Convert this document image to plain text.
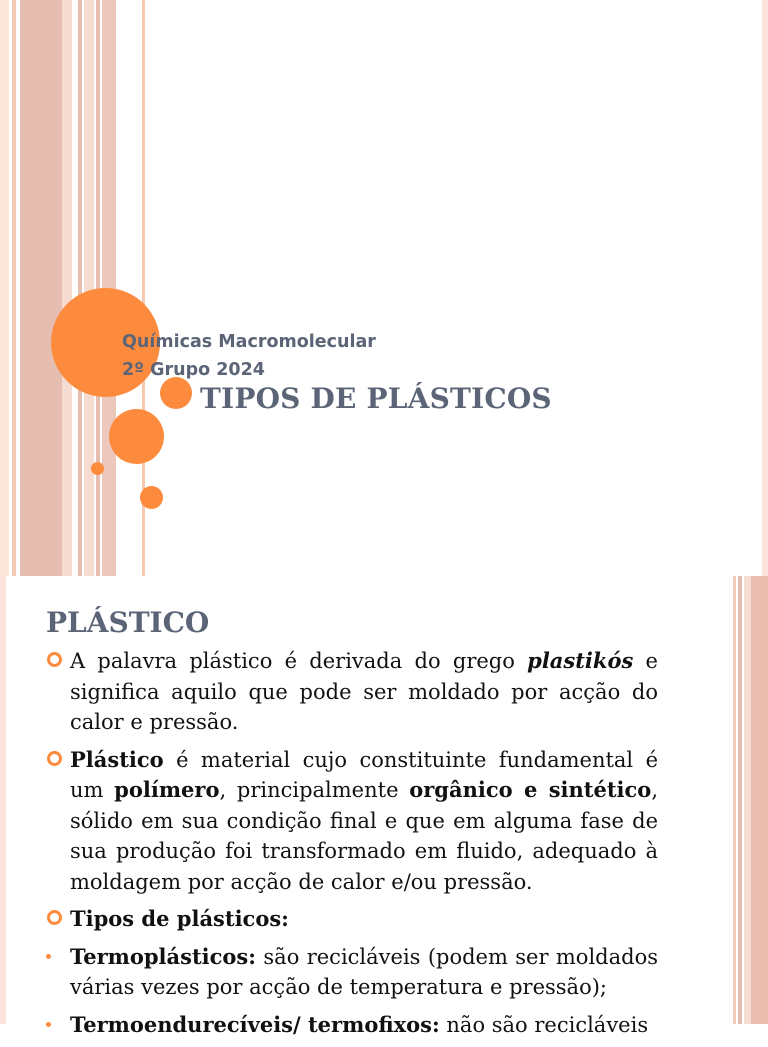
Químicas Macromolecular
2º Grupo 2024
TIPOS DE PLÁSTICOS
PLÁSTICO
A palavra plástico é derivada do grego plastikós e significa aquilo que pode ser moldado por acção do calor e pressão.
Plástico é material cujo constituinte fundamental é um polímero, principalmente orgânico e sintético, sólido em sua condição final e que em alguma fase de sua produção foi transformado em fluido, adequado à moldagem por acção de calor e/ou pressão.
Tipos de plásticos:
Termoplásticos: são recicláveis (podem ser moldados várias vezes por acção de temperatura e pressão);
Termoendurecíveis/ termofixos: não são recicláveis
